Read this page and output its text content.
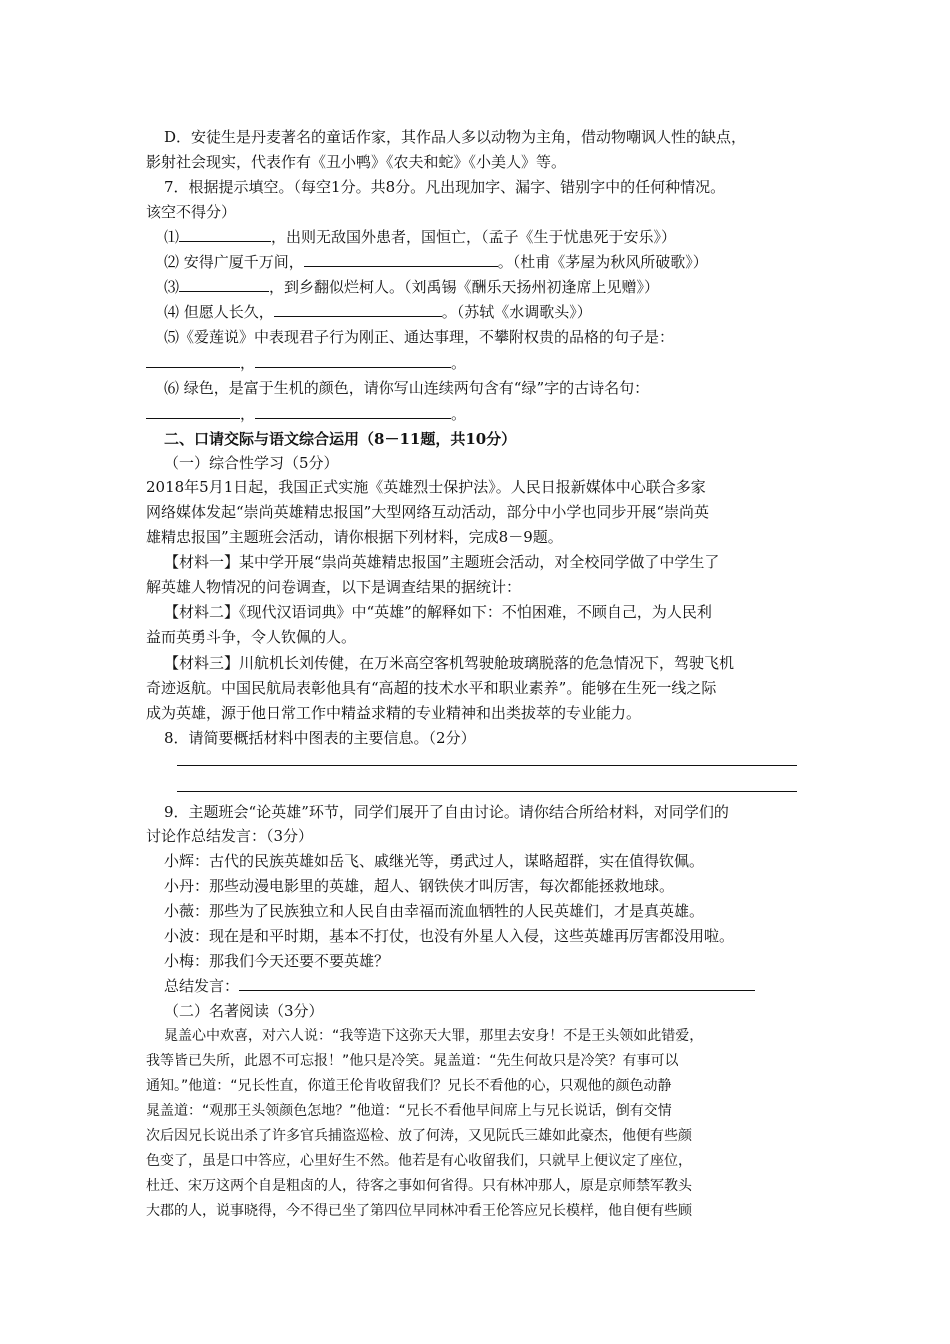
D．安徒生是丹麦著名的童话作家，其作品人多以动物为主角，借动物嘲讽人性的缺点，
影射社会现实，代表作有《丑小鸭》《农夫和蛇》《小美人》等。
7．根据提示填空。（每空1分。共8分。凡出现加字、漏字、错别字中的任何种情况。
该空不得分）
⑴	，出则无敌国外患者，国恒亡，（孟子《生于忧患死于安乐》）
⑵ 安得广厦千万间，	。（杜甫《茅屋为秋风所破歌》）
⑶	，到乡翻似烂柯人。（刘禹锡《酬乐天扬州初逢席上见赠》）
⑷ 但愿人长久，	。（苏轼《水调歌头》）
⑸《爱莲说》中表现君子行为刚正、通达事理，不攀附权贵的品格的句子是：
，	。
⑹ 绿色，是富于生机的颜色，请你写山连续两句含有“绿”字的古诗名句：
，	。
二、口请交际与语文综合运用（8－11题，共10分）
（一）综合性学习（5分）
2018年5月1日起，我国正式实施《英雄烈士保护法》。人民日报新媒体中心联合多家
网络媒体发起“崇尚英雄精忠报国”大型网络互动活动，部分中小学也同步开展“崇尚英
雄精忠报国”主题班会活动，请你根据下列材料，完成8－9题。
【材料一】某中学开展“祟尚英雄精忠报国”主题班会活动，对全校同学做了中学生了
解英雄人物情况的问卷调查，以下是调查结果的据统计：
【材料二】《现代汉语词典》中“英雄”的解释如下：不怕困难，不顾自己，为人民利
益而英勇斗争，令人钦佩的人。
【材料三】川航机长刘传健，在万米高空客机驾驶舱玻璃脱落的危急情况下，驾驶飞机
奇迹返航。中国民航局表彰他具有“高超的技术水平和职业素养”。能够在生死一线之际
成为英雄，源于他日常工作中精益求精的专业精神和出类拔萃的专业能力。
8．请简要概括材料中图表的主要信息。（2分）
9．主题班会“论英雄”环节，同学们展开了自由讨论。请你结合所给材料，对同学们的
讨论作总结发言：（3分）
小辉：古代的民族英雄如岳飞、戚继光等，勇武过人，谋略超群，实在值得钦佩。
小丹：那些动漫电影里的英雄，超人、钢铁侠才叫厉害，每次都能拯救地球。
小薇：那些为了民族独立和人民自由幸福而流血牺牲的人民英雄们，才是真英雄。
小波：现在是和平时期，基本不打仗，也没有外星人入侵，这些英雄再厉害都没用啦。
小梅：那我们今天还要不要英雄？
总结发言：
（二）名著阅读（3分）
晁盖心中欢喜，对六人说：“我等造下这弥天大罪，那里去安身！不是王头领如此错爱，
我等皆已失所，此恩不可忘报！”他只是冷笑。晁盖道：“先生何故只是冷笑？有事可以
通知。”他道：“兄长性直，你道王伦肯收留我们？兄长不看他的心，只观他的颜色动静
晁盖道：“观那王头领颜色怎地？”他道：“兄长不看他早间席上与兄长说话，倒有交情
次后因兄长说出杀了许多官兵捕盗巡检、放了何涛，又见阮氏三雄如此豪杰，他便有些颜
色变了，虽是口中答应，心里好生不然。他若是有心收留我们，只就早上便议定了座位，
杜迁、宋万这两个自是粗卤的人，待客之事如何省得。只有林冲那人，原是京师禁军教头
大郡的人，说事晓得，今不得已坐了第四位早同林冲看王伦答应兄长模样，他自便有些顾
